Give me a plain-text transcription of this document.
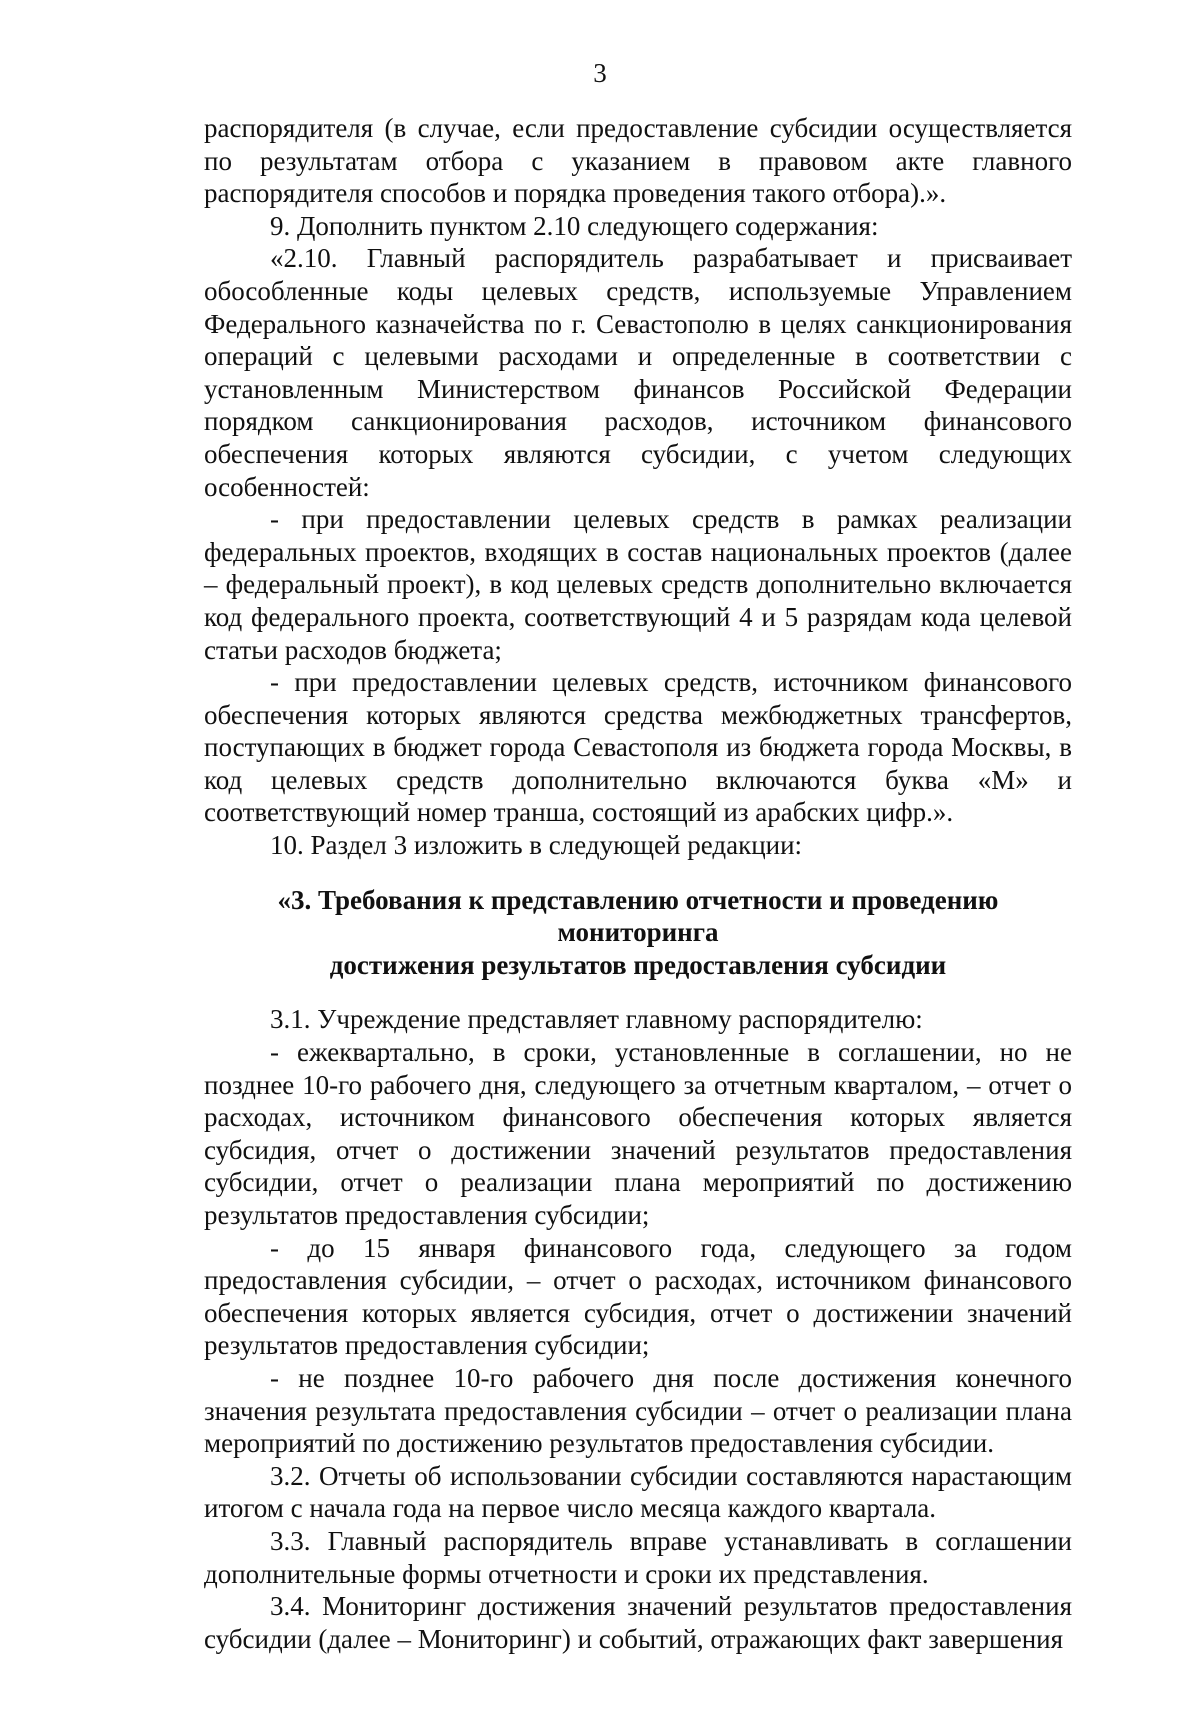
3

распорядителя (в случае, если предоставление субсидии осуществляется по результатам отбора с указанием в правовом акте главного распорядителя способов и порядка проведения такого отбора).».

9. Дополнить пунктом 2.10 следующего содержания:

«2.10. Главный распорядитель разрабатывает и присваивает обособленные коды целевых средств, используемые Управлением Федерального казначейства по г. Севастополю в целях санкционирования операций с целевыми расходами и определенные в соответствии с установленным Министерством финансов Российской Федерации порядком санкционирования расходов, источником финансового обеспечения которых являются субсидии, с учетом следующих особенностей:

- при предоставлении целевых средств в рамках реализации федеральных проектов, входящих в состав национальных проектов (далее – федеральный проект), в код целевых средств дополнительно включается код федерального проекта, соответствующий 4 и 5 разрядам кода целевой статьи расходов бюджета;

- при предоставлении целевых средств, источником финансового обеспечения которых являются средства межбюджетных трансфертов, поступающих в бюджет города Севастополя из бюджета города Москвы, в код целевых средств дополнительно включаются буква «М» и соответствующий номер транша, состоящий из арабских цифр.».

10. Раздел 3 изложить в следующей редакции:

«3. Требования к представлению отчетности и проведению мониторинга
достижения результатов предоставления субсидии

3.1. Учреждение представляет главному распорядителю:

- ежеквартально, в сроки, установленные в соглашении, но не позднее 10-го рабочего дня, следующего за отчетным кварталом, – отчет о расходах, источником финансового обеспечения которых является субсидия, отчет о достижении значений результатов предоставления субсидии, отчет о реализации плана мероприятий по достижению результатов предоставления субсидии;

- до 15 января финансового года, следующего за годом предоставления субсидии, – отчет о расходах, источником финансового обеспечения которых является субсидия, отчет о достижении значений результатов предоставления субсидии;

- не позднее 10-го рабочего дня после достижения конечного значения результата предоставления субсидии – отчет о реализации плана мероприятий по достижению результатов предоставления субсидии.

3.2. Отчеты об использовании субсидии составляются нарастающим итогом с начала года на первое число месяца каждого квартала.

3.3. Главный распорядитель вправе устанавливать в соглашении дополнительные формы отчетности и сроки их представления.

3.4. Мониторинг достижения значений результатов предоставления субсидии (далее – Мониторинг) и событий, отражающих факт завершения
